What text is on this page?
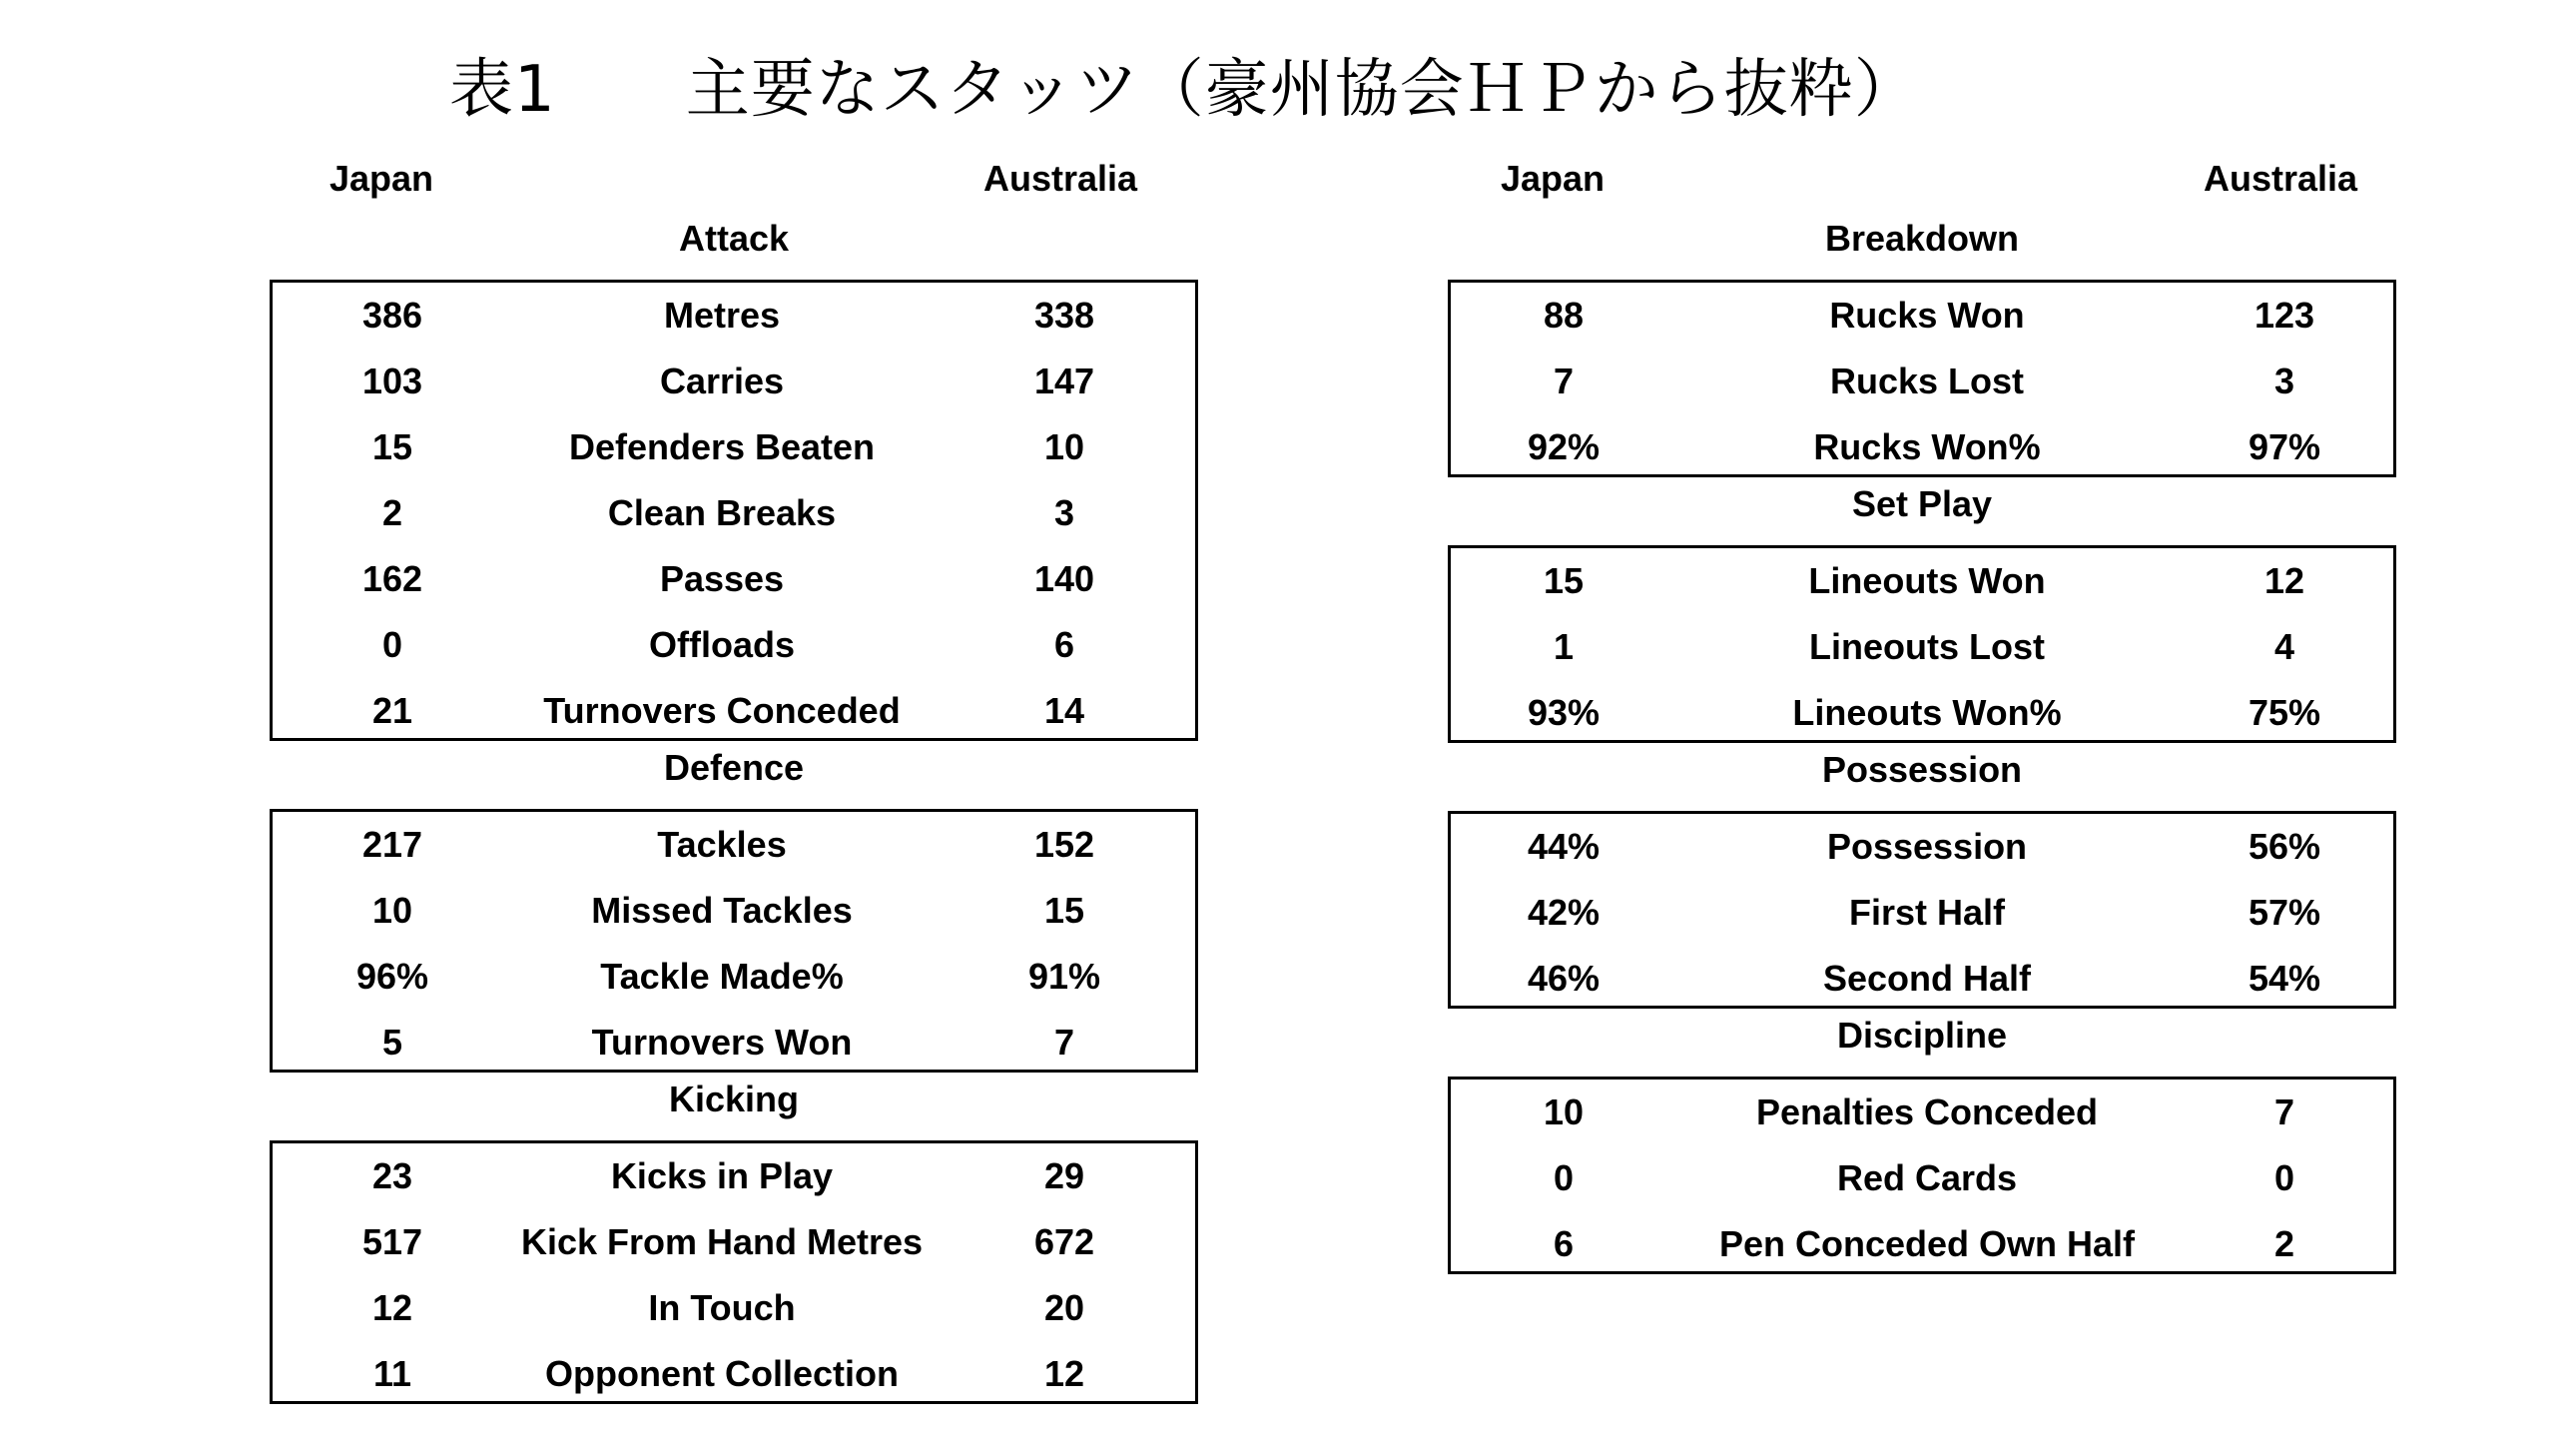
表1 主要なスタッツ（豪州協会ＨＰから抜粋）
Japan	Australia
Attack
386	Metres	338
103	Carries	147
15	Defenders Beaten	10
2	Clean Breaks	3
162	Passes	140
0	Offloads	6
21	Turnovers Conceded	14
Defence
217	Tackles	152
10	Missed Tackles	15
96%	Tackle Made%	91%
5	Turnovers Won	7
Kicking
23	Kicks in Play	29
517	Kick From Hand Metres	672
12	In Touch	20
11	Opponent Collection	12
Japan	Australia
Breakdown
88	Rucks Won	123
7	Rucks Lost	3
92%	Rucks Won%	97%
Set Play
15	Lineouts Won	12
1	Lineouts Lost	4
93%	Lineouts Won%	75%
Possession
44%	Possession	56%
42%	First Half	57%
46%	Second Half	54%
Discipline
10	Penalties Conceded	7
0	Red Cards	0
6	Pen Conceded Own Half	2
